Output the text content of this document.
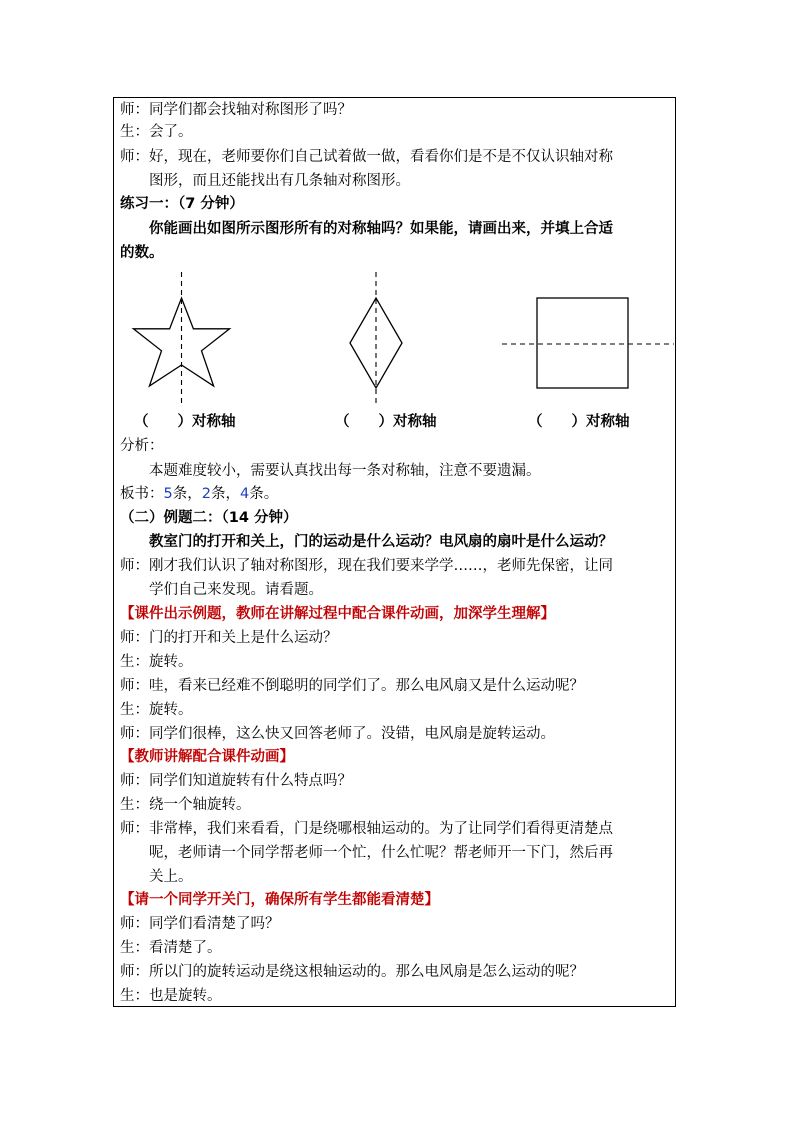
师：同学们都会找轴对称图形了吗？
生：会了。
师：好，现在，老师要你们自己试着做一做，看看你们是不是不仅认识轴对称
图形，而且还能找出有几条轴对称图形。
练习一：（7 分钟）
你能画出如图所示图形所有的对称轴吗？如果能，请画出来，并填上合适
的数。
（　　）对称轴	（　　）对称轴	（　　）对称轴
分析：
本题难度较小，需要认真找出每一条对称轴，注意不要遗漏。
板书：5条，2条，4条。
（二）例题二：（14 分钟）
教室门的打开和关上，门的运动是什么运动？电风扇的扇叶是什么运动？
师：刚才我们认识了轴对称图形，现在我们要来学学……，老师先保密，让同
学们自己来发现。请看题。
【课件出示例题，教师在讲解过程中配合课件动画，加深学生理解】
师：门的打开和关上是什么运动？
生：旋转。
师：哇，看来已经难不倒聪明的同学们了。那么电风扇又是什么运动呢？
生：旋转。
师：同学们很棒，这么快又回答老师了。没错，电风扇是旋转运动。
【教师讲解配合课件动画】
师：同学们知道旋转有什么特点吗？
生：绕一个轴旋转。
师：非常棒，我们来看看，门是绕哪根轴运动的。为了让同学们看得更清楚点
呢，老师请一个同学帮老师一个忙，什么忙呢？帮老师开一下门，然后再
关上。
【请一个同学开关门，确保所有学生都能看清楚】
师：同学们看清楚了吗？
生：看清楚了。
师：所以门的旋转运动是绕这根轴运动的。那么电风扇是怎么运动的呢？
生：也是旋转。
